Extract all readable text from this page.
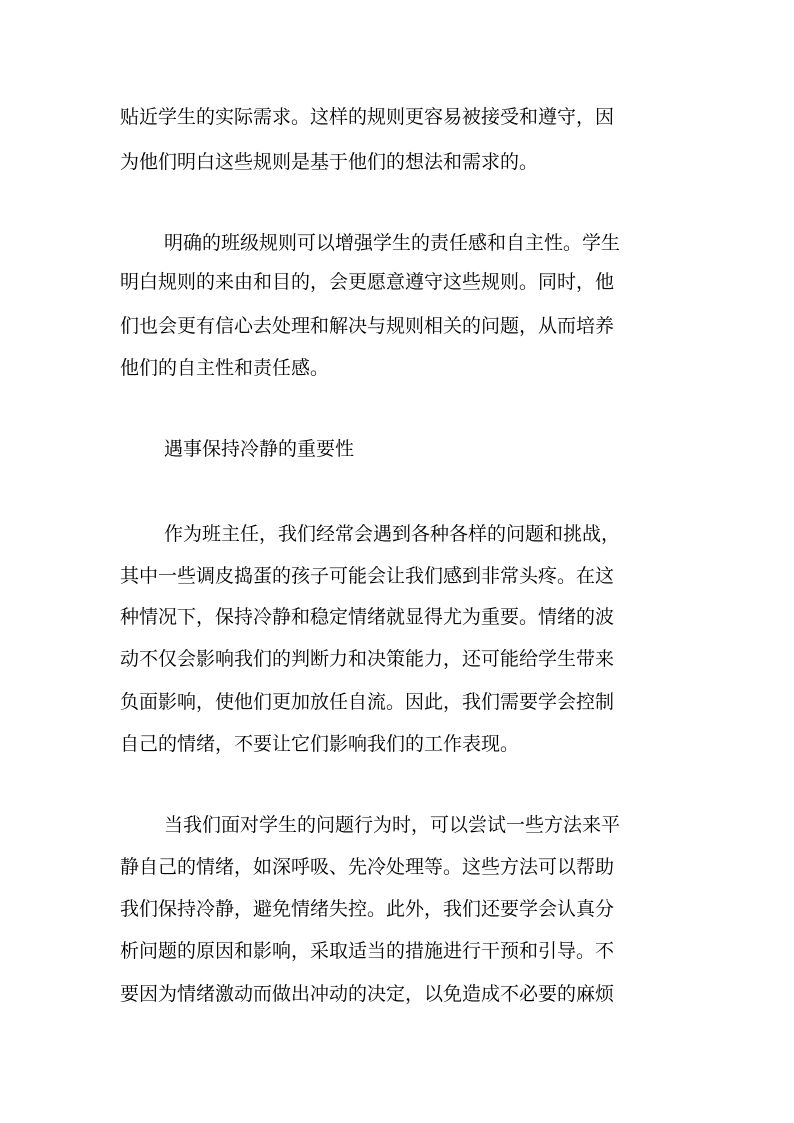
贴近学生的实际需求。这样的规则更容易被接受和遵守，因
为他们明白这些规则是基于他们的想法和需求的。
明确的班级规则可以增强学生的责任感和自主性。学生
明白规则的来由和目的，会更愿意遵守这些规则。同时，他
们也会更有信心去处理和解决与规则相关的问题，从而培养
他们的自主性和责任感。
遇事保持冷静的重要性
作为班主任，我们经常会遇到各种各样的问题和挑战，
其中一些调皮捣蛋的孩子可能会让我们感到非常头疼。在这
种情况下，保持冷静和稳定情绪就显得尤为重要。情绪的波
动不仅会影响我们的判断力和决策能力，还可能给学生带来
负面影响，使他们更加放任自流。因此，我们需要学会控制
自己的情绪，不要让它们影响我们的工作表现。
当我们面对学生的问题行为时，可以尝试一些方法来平
静自己的情绪，如深呼吸、先冷处理等。这些方法可以帮助
我们保持冷静，避免情绪失控。此外，我们还要学会认真分
析问题的原因和影响，采取适当的措施进行干预和引导。不
要因为情绪激动而做出冲动的决定，以免造成不必要的麻烦
